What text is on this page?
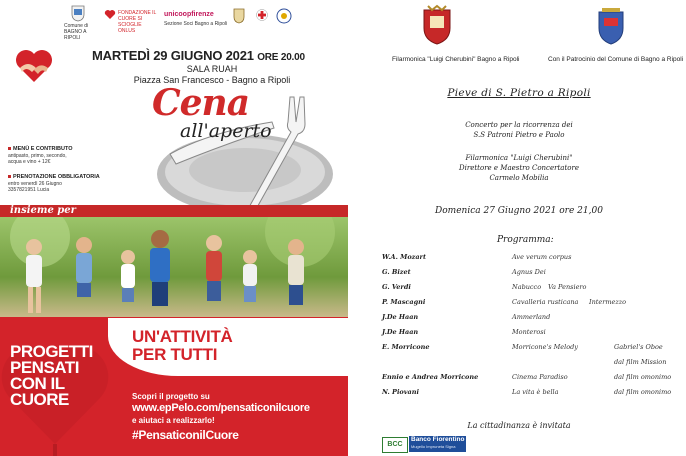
Comune di BAGNO A RIPOLI
FONDAZIONE IL CUORE SI SCIOGLIE ONLUS
unicoopfirenze
Sezione Soci Bagno a Ripoli
MARTEDÌ 29 GIUGNO 2021 ORE 20.00
SALA RUAH
Piazza San Francesco - Bagno a Ripoli
Cena
all'aperto
MENÙ E CONTRIBUTO
antipasto, primo, secondo,
acqua e vino + 12€
PRENOTAZIONE OBBLIGATORIA
entro venerdì 26 Giugno
3357821951 Lucia
insieme per
UN'ATTIVITÀ
PER TUTTI
PROGETTI
PENSATI
CON IL
CUORE	Scopri il progetto su
www.epPelo.com/pensaticonilcuore
e aiutaci a realizzarlo!
#PensaticonilCuore
Filarmonica "Luigi Cherubini" Bagno a Ripoli	Con il Patrocinio del Comune di Bagno a Ripoli
Pieve di S. Pietro a Ripoli
Concerto per la ricorrenza dei
S.S Patroni Pietro e Paolo
Filarmonica "Luigi Cherubini"
Direttore e Maestro Concertatore
Carmelo Mobilia
Domenica 27 Giugno 2021 ore 21,00
Programma:
W.A. Mozart	Ave verum corpus
G. Bizet	Agnus Dei
G. Verdi	Nabucco Va Pensiero
P. Mascagni	Cavalleria rusticana Intermezzo
J.De Haan	Ammerland
J.De Haan	Monterosi
E. Morricone	Morricone's Melody	Gabriel's Oboe
dal film Mission
Ennio e Andrea Morricone	Cinema Paradiso	dal film omonimo
N. Piovani	La vita è bella	dal film omonimo
La cittadinanza è invitata
BCC
Banco Fiorentino
Mugello Impruneta Signa
